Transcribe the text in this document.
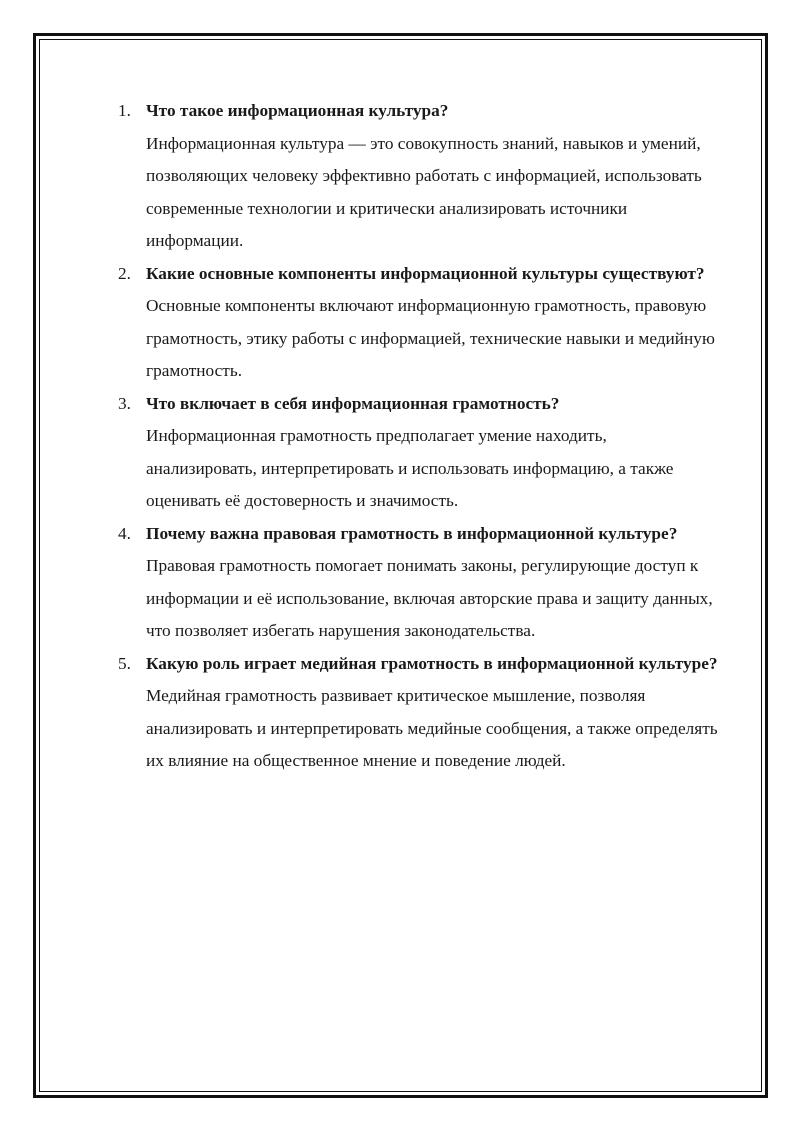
1. Что такое информационная культура?
Информационная культура — это совокупность знаний, навыков и умений, позволяющих человеку эффективно работать с информацией, использовать современные технологии и критически анализировать источники информации.
2. Какие основные компоненты информационной культуры существуют?
Основные компоненты включают информационную грамотность, правовую грамотность, этику работы с информацией, технические навыки и медийную грамотность.
3. Что включает в себя информационная грамотность?
Информационная грамотность предполагает умение находить, анализировать, интерпретировать и использовать информацию, а также оценивать её достоверность и значимость.
4. Почему важна правовая грамотность в информационной культуре?
Правовая грамотность помогает понимать законы, регулирующие доступ к информации и её использование, включая авторские права и защиту данных, что позволяет избегать нарушения законодательства.
5. Какую роль играет медийная грамотность в информационной культуре?
Медийная грамотность развивает критическое мышление, позволяя анализировать и интерпретировать медийные сообщения, а также определять их влияние на общественное мнение и поведение людей.
